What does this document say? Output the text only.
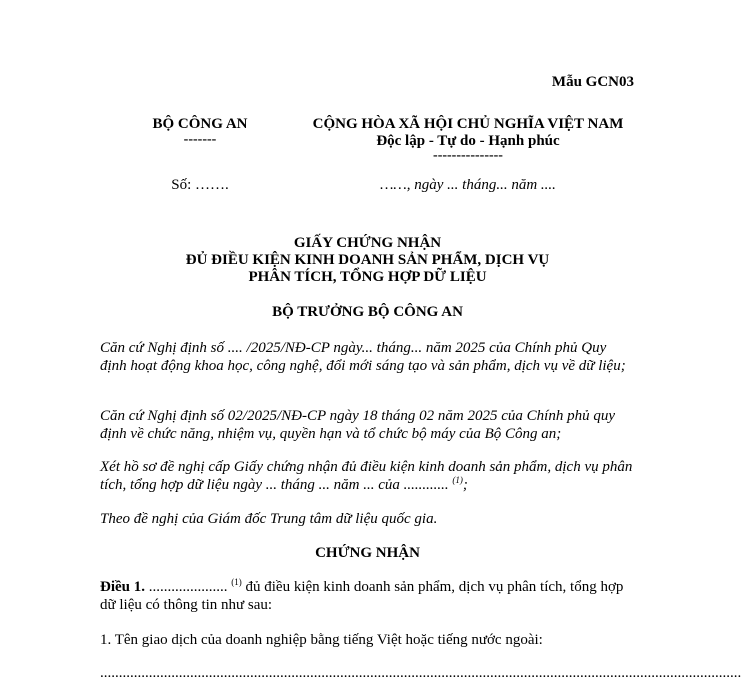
Mẫu GCN03
BỘ CÔNG AN
-------
Số: …….
CỘNG HÒA XÃ HỘI CHỦ NGHĨA VIỆT NAM
Độc lập - Tự do - Hạnh phúc
---------------
……, ngày ... tháng... năm ....
GIẤY CHỨNG NHẬN
ĐỦ ĐIỀU KIỆN KINH DOANH SẢN PHẨM, DỊCH VỤ
PHÂN TÍCH, TỔNG HỢP DỮ LIỆU
BỘ TRƯỞNG BỘ CÔNG AN
Căn cứ Nghị định số .... /2025/NĐ-CP ngày... tháng... năm 2025 của Chính phủ Quy định hoạt động khoa học, công nghệ, đổi mới sáng tạo và sản phẩm, dịch vụ về dữ liệu;
Căn cứ Nghị định số 02/2025/NĐ-CP ngày 18 tháng 02 năm 2025 của Chính phủ quy định về chức năng, nhiệm vụ, quyền hạn và tổ chức bộ máy của Bộ Công an;
Xét hồ sơ đề nghị cấp Giấy chứng nhận đủ điều kiện kinh doanh sản phẩm, dịch vụ phân tích, tổng hợp dữ liệu ngày ... tháng ... năm ... của ............ $^{(1)}$;
Theo đề nghị của Giám đốc Trung tâm dữ liệu quốc gia.
CHỨNG NHẬN
Điều 1. ..................... $^{(1)}$ đủ điều kiện kinh doanh sản phẩm, dịch vụ phân tích, tổng hợp dữ liệu có thông tin như sau:
1. Tên giao dịch của doanh nghiệp bằng tiếng Việt hoặc tiếng nước ngoài:
...........................................................................................................................................................................
